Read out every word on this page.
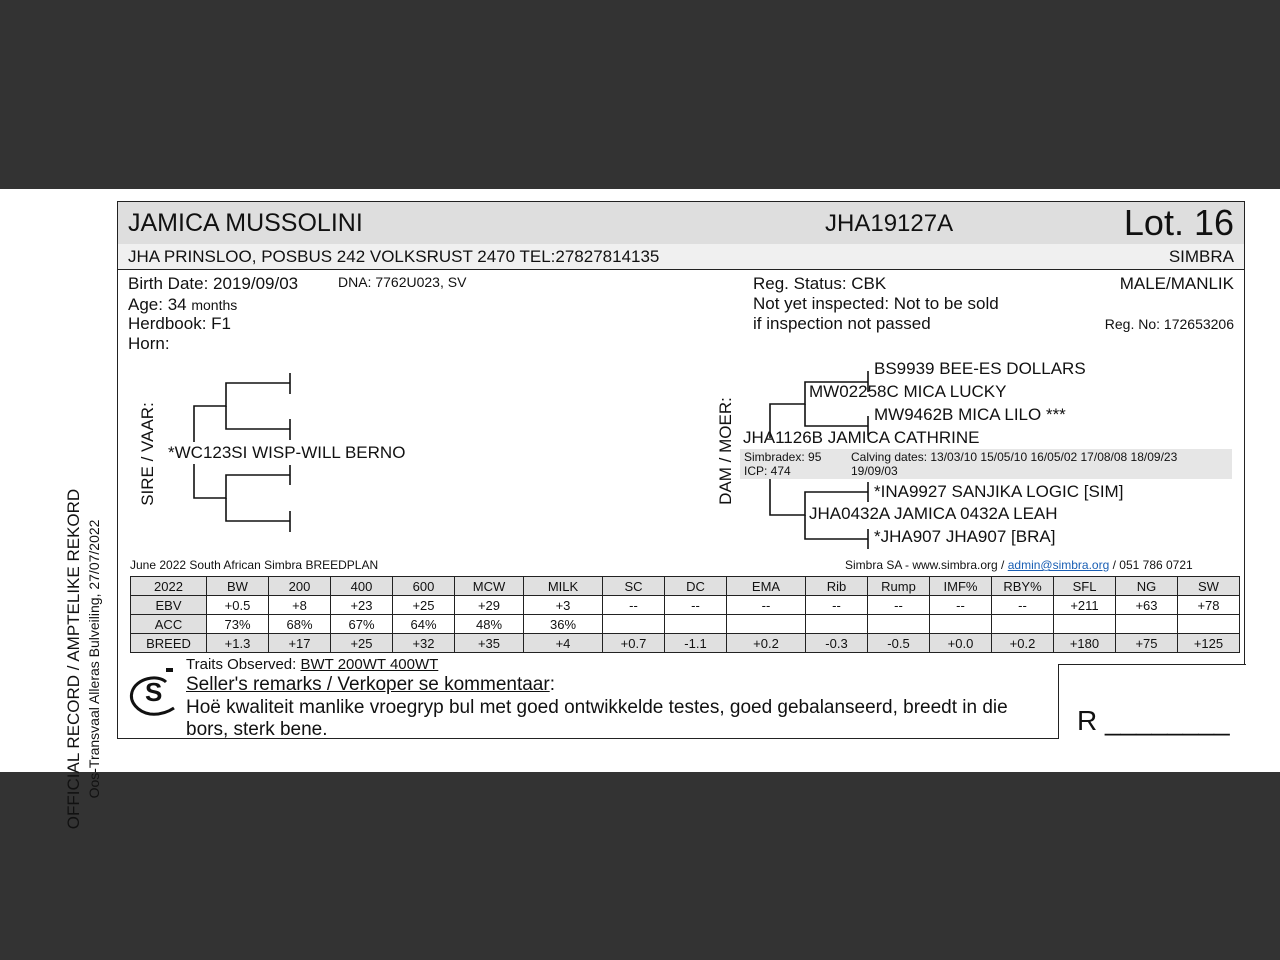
OFFICIAL RECORD / AMPTELIKE REKORD Oos-Transvaal Alleras Bulveiling, 27/07/2022
JAMICA MUSSOLINI	JHA19127A	Lot. 16
JHA PRINSLOO, POSBUS 242 VOLKSRUST 2470 TEL:27827814135	SIMBRA
Birth Date: 2019/09/03	DNA: 7762U023, SV
Age: 34 months
Herdbook: F1
Horn:
Reg. Status: CBK
Not yet inspected: Not to be sold
if inspection not passed
MALE/MANLIK
Reg. No: 172653206
SIRE / VAAR: *WC123SI WISP-WILL BERNO	DAM / MOER:
BS9939 BEE-ES DOLLARS
MW02258C MICA LUCKY
MW9462B MICA LILO ***
JHA1126B JAMICA CATHRINE
Simbradex: 95
ICP: 474
Calving dates: 13/03/10 15/05/10 16/05/02 17/08/08 18/09/23
19/09/03
*INA9927 SANJIKA LOGIC [SIM]
JHA0432A JAMICA 0432A LEAH
*JHA907 JHA907 [BRA]
June 2022 South African Simbra BREEDPLAN	Simbra SA - www.simbra.org / admin@simbra.org / 051 786 0721
2022	BW	200	400	600	MCW	MILK	SC	DC	EMA	Rib	Rump	IMF%	RBY%	SFL	NG	SW
EBV	+0.5	+8	+23	+25	+29	+3	--	--	--	--	--	--	--	+211	+63	+78
ACC	73%	68%	67%	64%	48%	36%										
BREED	+1.3	+17	+25	+32	+35	+4	+0.7	-1.1	+0.2	-0.3	-0.5	+0.0	+0.2	+180	+75	+125
S
Traits Observed: BWT 200WT 400WT
Seller's remarks / Verkoper se kommentaar:
Hoë kwaliteit manlike vroegryp bul met goed ontwikkelde testes, goed gebalanseerd, breedt in die
bors, sterk bene.	R ________
